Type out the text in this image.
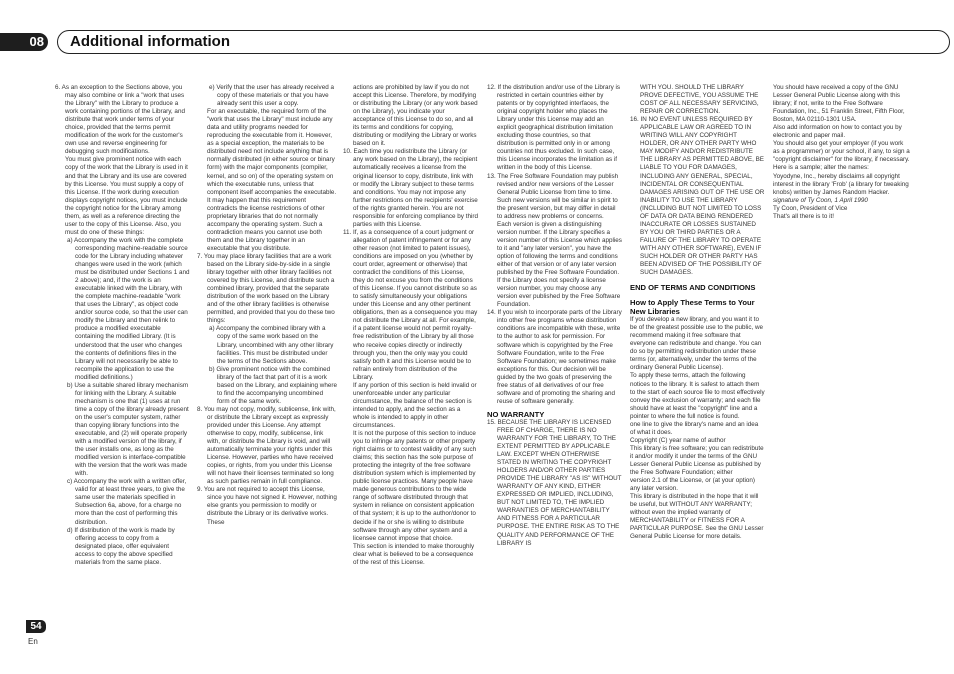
08 Additional information

6. As an exception to the Sections above, you may also combine or link a "work that uses the Library" with the Library to produce a work containing portions of the Library, and distribute that work under terms of your choice, provided that the terms permit modification of the work for the customer's own use and reverse engineering for debugging such modifications.

You must give prominent notice with each copy of the work that the Library is used in it and that the Library and its use are covered by this License. You must supply a copy of this License. If the work during execution displays copyright notices, you must include the copyright notice for the Library among them, as well as a reference directing the user to the copy of this License. Also, you must do one of these things:

a) Accompany the work with the complete corresponding machine-readable source code for the Library including whatever changes were used in the work (which must be distributed under Sections 1 and 2 above); and, if the work is an executable linked with the Library, with the complete machine-readable "work that uses the Library", as object code and/or source code, so that the user can modify the Library and then relink to produce a modified executable containing the modified Library. (It is understood that the user who changes the contents of definitions files in the Library will not necessarily be able to recompile the application to use the modified definitions.)

b) Use a suitable shared library mechanism for linking with the Library. A suitable mechanism is one that (1) uses at run time a copy of the library already present on the user's computer system, rather than copying library functions into the executable, and (2) will operate properly with a modified version of the library, if the user installs one, as long as the modified version is interface-compatible with the version that the work was made with.

c) Accompany the work with a written offer, valid for at least three years, to give the same user the materials specified in Subsection 6a, above, for a charge no more than the cost of performing this distribution.

d) If distribution of the work is made by offering access to copy from a designated place, offer equivalent access to copy the above specified materials from the same place.

e) Verify that the user has already received a copy of these materials or that you have already sent this user a copy.

For an executable, the required form of the "work that uses the Library" must include any data and utility programs needed for reproducing the executable from it. However, as a special exception, the materials to be distributed need not include anything that is normally distributed (in either source or binary form) with the major components (compiler, kernel, and so on) of the operating system on which the executable runs, unless that component itself accompanies the executable.

It may happen that this requirement contradicts the license restrictions of other proprietary libraries that do not normally accompany the operating system. Such a contradiction means you cannot use both them and the Library together in an executable that you distribute.

7. You may place library facilities that are a work based on the Library side-by-side in a single library together with other library facilities not covered by this License, and distribute such a combined library, provided that the separate distribution of the work based on the Library and of the other library facilities is otherwise permitted, and provided that you do these two things:

a) Accompany the combined library with a copy of the same work based on the Library, uncombined with any other library facilities. This must be distributed under the terms of the Sections above.

b) Give prominent notice with the combined library of the fact that part of it is a work based on the Library, and explaining where to find the accompanying uncombined form of the same work.

8. You may not copy, modify, sublicense, link with, or distribute the Library except as expressly provided under this License. Any attempt otherwise to copy, modify, sublicense, link with, or distribute the Library is void, and will automatically terminate your rights under this License. However, parties who have received copies, or rights, from you under this License will not have their licenses terminated so long as such parties remain in full compliance.

9. You are not required to accept this License, since you have not signed it. However, nothing else grants you permission to modify or distribute the Library or its derivative works. These

actions are prohibited by law if you do not accept this License. Therefore, by modifying or distributing the Library (or any work based on the Library), you indicate your acceptance of this License to do so, and all its terms and conditions for copying, distributing or modifying the Library or works based on it.

10. Each time you redistribute the Library (or any work based on the Library), the recipient automatically receives a license from the original licensor to copy, distribute, link with or modify the Library subject to these terms and conditions. You may not impose any further restrictions on the recipients' exercise of the rights granted herein. You are not responsible for enforcing compliance by third parties with this License.

11. If, as a consequence of a court judgment or allegation of patent infringement or for any other reason (not limited to patent issues), conditions are imposed on you (whether by court order, agreement or otherwise) that contradict the conditions of this License, they do not excuse you from the conditions of this License. If you cannot distribute so as to satisfy simultaneously your obligations under this License and any other pertinent obligations, then as a consequence you may not distribute the Library at all. For example, if a patent license would not permit royalty-free redistribution of the Library by all those who receive copies directly or indirectly through you, then the only way you could satisfy both it and this License would be to refrain entirely from distribution of the Library.

If any portion of this section is held invalid or unenforceable under any particular circumstance, the balance of the section is intended to apply, and the section as a whole is intended to apply in other circumstances.

It is not the purpose of this section to induce you to infringe any patents or other property right claims or to contest validity of any such claims; this section has the sole purpose of protecting the integrity of the free software distribution system which is implemented by public license practices. Many people have made generous contributions to the wide range of software distributed through that system in reliance on consistent application of that system; it is up to the author/donor to decide if he or she is willing to distribute software through any other system and a licensee cannot impose that choice.

This section is intended to make thoroughly clear what is believed to be a consequence of the rest of this License.

12. If the distribution and/or use of the Library is restricted in certain countries either by patents or by copyrighted interfaces, the original copyright holder who places the Library under this License may add an explicit geographical distribution limitation excluding those countries, so that distribution is permitted only in or among countries not thus excluded. In such case, this License incorporates the limitation as if written in the body of this License.

13. The Free Software Foundation may publish revised and/or new versions of the Lesser General Public License from time to time. Such new versions will be similar in spirit to the present version, but may differ in detail to address new problems or concerns.

Each version is given a distinguishing version number. If the Library specifies a version number of this License which applies to it and "any later version", you have the option of following the terms and conditions either of that version or of any later version published by the Free Software Foundation. If the Library does not specify a license version number, you may choose any version ever published by the Free Software Foundation.

14. If you wish to incorporate parts of the Library into other free programs whose distribution conditions are incompatible with these, write to the author to ask for permission. For software which is copyrighted by the Free Software Foundation, write to the Free Software Foundation; we sometimes make exceptions for this. Our decision will be guided by the two goals of preserving the free status of all derivatives of our free software and of promoting the sharing and reuse of software generally.

NO WARRANTY

15. BECAUSE THE LIBRARY IS LICENSED FREE OF CHARGE, THERE IS NO WARRANTY FOR THE LIBRARY, TO THE EXTENT PERMITTED BY APPLICABLE LAW. EXCEPT WHEN OTHERWISE STATED IN WRITING THE COPYRIGHT HOLDERS AND/OR OTHER PARTIES PROVIDE THE LIBRARY "AS IS" WITHOUT WARRANTY OF ANY KIND, EITHER EXPRESSED OR IMPLIED, INCLUDING, BUT NOT LIMITED TO, THE IMPLIED WARRANTIES OF MERCHANTABILITY AND FITNESS FOR A PARTICULAR PURPOSE. THE ENTIRE RISK AS TO THE QUALITY AND PERFORMANCE OF THE LIBRARY IS

WITH YOU. SHOULD THE LIBRARY PROVE DEFECTIVE, YOU ASSUME THE COST OF ALL NECESSARY SERVICING, REPAIR OR CORRECTION.

16. IN NO EVENT UNLESS REQUIRED BY APPLICABLE LAW OR AGREED TO IN WRITING WILL ANY COPYRIGHT HOLDER, OR ANY OTHER PARTY WHO MAY MODIFY AND/OR REDISTRIBUTE THE LIBRARY AS PERMITTED ABOVE, BE LIABLE TO YOU FOR DAMAGES, INCLUDING ANY GENERAL, SPECIAL, INCIDENTAL OR CONSEQUENTIAL DAMAGES ARISING OUT OF THE USE OR INABILITY TO USE THE LIBRARY (INCLUDING BUT NOT LIMITED TO LOSS OF DATA OR DATA BEING RENDERED INACCURATE OR LOSSES SUSTAINED BY YOU OR THIRD PARTIES OR A FAILURE OF THE LIBRARY TO OPERATE WITH ANY OTHER SOFTWARE), EVEN IF SUCH HOLDER OR OTHER PARTY HAS BEEN ADVISED OF THE POSSIBILITY OF SUCH DAMAGES.

END OF TERMS AND CONDITIONS

How to Apply These Terms to Your New Libraries

If you develop a new library, and you want it to be of the greatest possible use to the public, we recommend making it free software that everyone can redistribute and change. You can do so by permitting redistribution under these terms (or, alternatively, under the terms of the ordinary General Public License).

To apply these terms, attach the following notices to the library. It is safest to attach them to the start of each source file to most effectively convey the exclusion of warranty; and each file should have at least the "copyright" line and a pointer to where the full notice is found.

one line to give the library's name and an idea of what it does.

Copyright (C) year name of author

This library is free software; you can redistribute it and/or modify it under the terms of the GNU Lesser General Public License as published by the Free Software Foundation; either

version 2.1 of the License, or (at your option) any later version.

This library is distributed in the hope that it will be useful, but WITHOUT ANY WARRANTY; without even the implied warranty of MERCHANTABILITY or FITNESS FOR A PARTICULAR PURPOSE. See the GNU Lesser General Public License for more details.

You should have received a copy of the GNU Lesser General Public License along with this library; if not, write to the Free Software Foundation, Inc., 51 Franklin Street, Fifth Floor, Boston, MA 02110-1301 USA.

Also add information on how to contact you by electronic and paper mail.

You should also get your employer (if you work as a programmer) or your school, if any, to sign a "copyright disclaimer" for the library, if necessary. Here is a sample; alter the names:

Yoyodyne, Inc., hereby disclaims all copyright interest in the library 'Frob' (a library for tweaking knobs) written by James Random Hacker.

signature of Ty Coon, 1 April 1990

Ty Coon, President of Vice

That's all there is to it!

54
En
